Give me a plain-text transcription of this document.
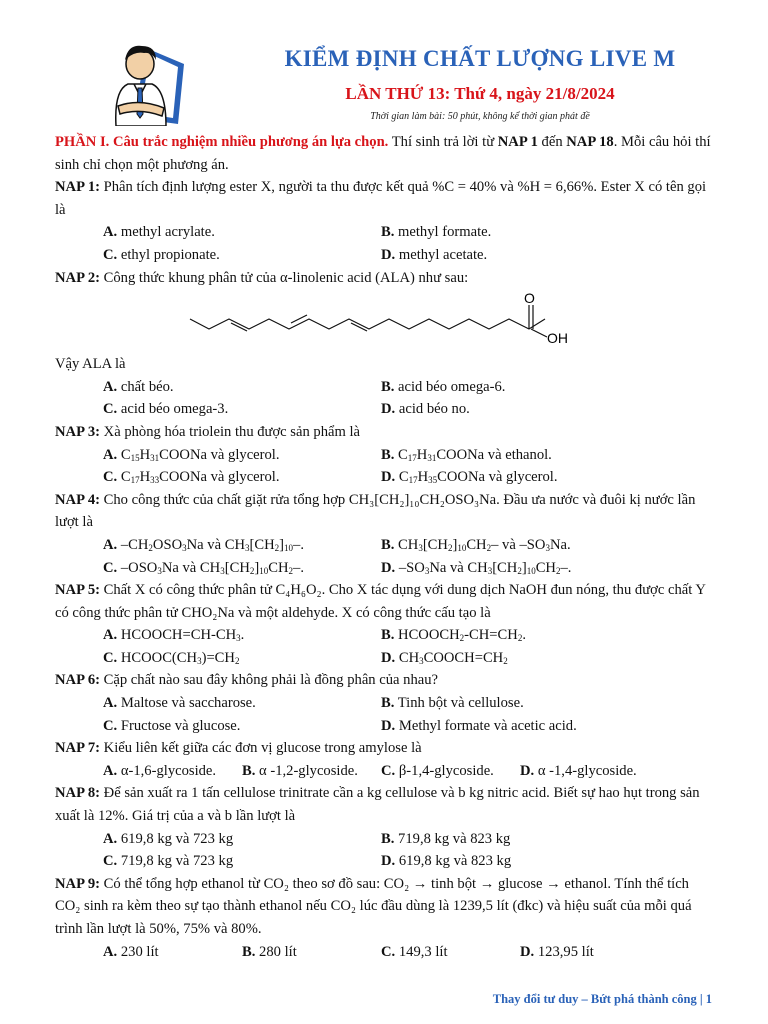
KIỂM ĐỊNH CHẤT LƯỢNG LIVE M
LẦN THỨ 13: Thứ 4, ngày 21/8/2024
Thời gian làm bài: 50 phút, không kể thời gian phát đề

PHẦN I. Câu trắc nghiệm nhiều phương án lựa chọn. Thí sinh trả lời từ NAP 1 đến NAP 18. Mỗi câu hỏi thí sinh chỉ chọn một phương án.

NAP 1: Phân tích định lượng ester X, người ta thu được kết quả %C = 40% và %H = 6,66%. Ester X có tên gọi là

A. methyl acrylate.	B. methyl formate.
C. ethyl propionate.	D. methyl acetate.

NAP 2: Công thức khung phân tử của α-linolenic acid (ALA) như sau:

O
OH

Vậy ALA là

A. chất béo.	B. acid béo omega-6.
C. acid béo omega-3.	D. acid béo no.

NAP 3: Xà phòng hóa triolein thu được sản phẩm là

A. $C_{15}H_{31}COONa$ và glycerol.	B. $C_{17}H_{31}COONa$ và ethanol.
C. $C_{17}H_{33}COONa$ và glycerol.	D. $C_{17}H_{35}COONa$ và glycerol.

NAP 4: Cho công thức của chất giặt rửa tổng hợp CH₃[CH₂]₁₀CH₂OSO₃Na. Đầu ưa nước và đuôi kị nước lần lượt là

A. $-CH_2OSO_3Na$ và $CH_3[CH_2]_{10}-$.	B. $CH_3[CH_2]_{10}CH_2-$ và $-SO_3Na$.
C. $-OSO_3Na$ và $CH_3[CH_2]_{10}CH_2-$.	D. $-SO_3Na$ và $CH_3[CH_2]_{10}CH_2-$.

NAP 5: Chất X có công thức phân tử C₄H₆O₂. Cho X tác dụng với dung dịch NaOH đun nóng, thu được chất Y có công thức phân tử CHO₂Na và một aldehyde. X có công thức cấu tạo là

A. $HCOOCH=CH-CH_3$.	B. $HCOOCH_2-CH=CH_2$.
C. $HCOOC(CH_3)=CH_2$	D. $CH_3COOCH=CH_2$

NAP 6: Cặp chất nào sau đây không phải là đồng phân của nhau?

A. Maltose và saccharose.	B. Tinh bột và cellulose.
C. Fructose và glucose.	D. Methyl formate và acetic acid.

NAP 7: Kiểu liên kết giữa các đơn vị glucose trong amylose là

A. α-1,6-glycoside.	B. α -1,2-glycoside.	C. β-1,4-glycoside.	D. α -1,4-glycoside.

NAP 8: Để sản xuất ra 1 tấn cellulose trinitrate cần a kg cellulose và b kg nitric acid. Biết sự hao hụt trong sản xuất là 12%. Giá trị của a và b lần lượt là

A. 619,8 kg và 723 kg	B. 719,8 kg và 823 kg
C. 719,8 kg và 723 kg	D. 619,8 kg và 823 kg

NAP 9: Có thể tổng hợp ethanol từ CO₂ theo sơ đồ sau: CO₂ → tinh bột → glucose → ethanol. Tính thể tích CO₂ sinh ra kèm theo sự tạo thành ethanol nếu CO₂ lúc đầu dùng là 1239,5 lít (đkc) và hiệu suất của mỗi quá trình lần lượt là 50%, 75% và 80%.

A. 230 lít	B. 280 lít	C. 149,3 lít	D. 123,95 lít
Thay đổi tư duy – Bứt phá thành công | 1
